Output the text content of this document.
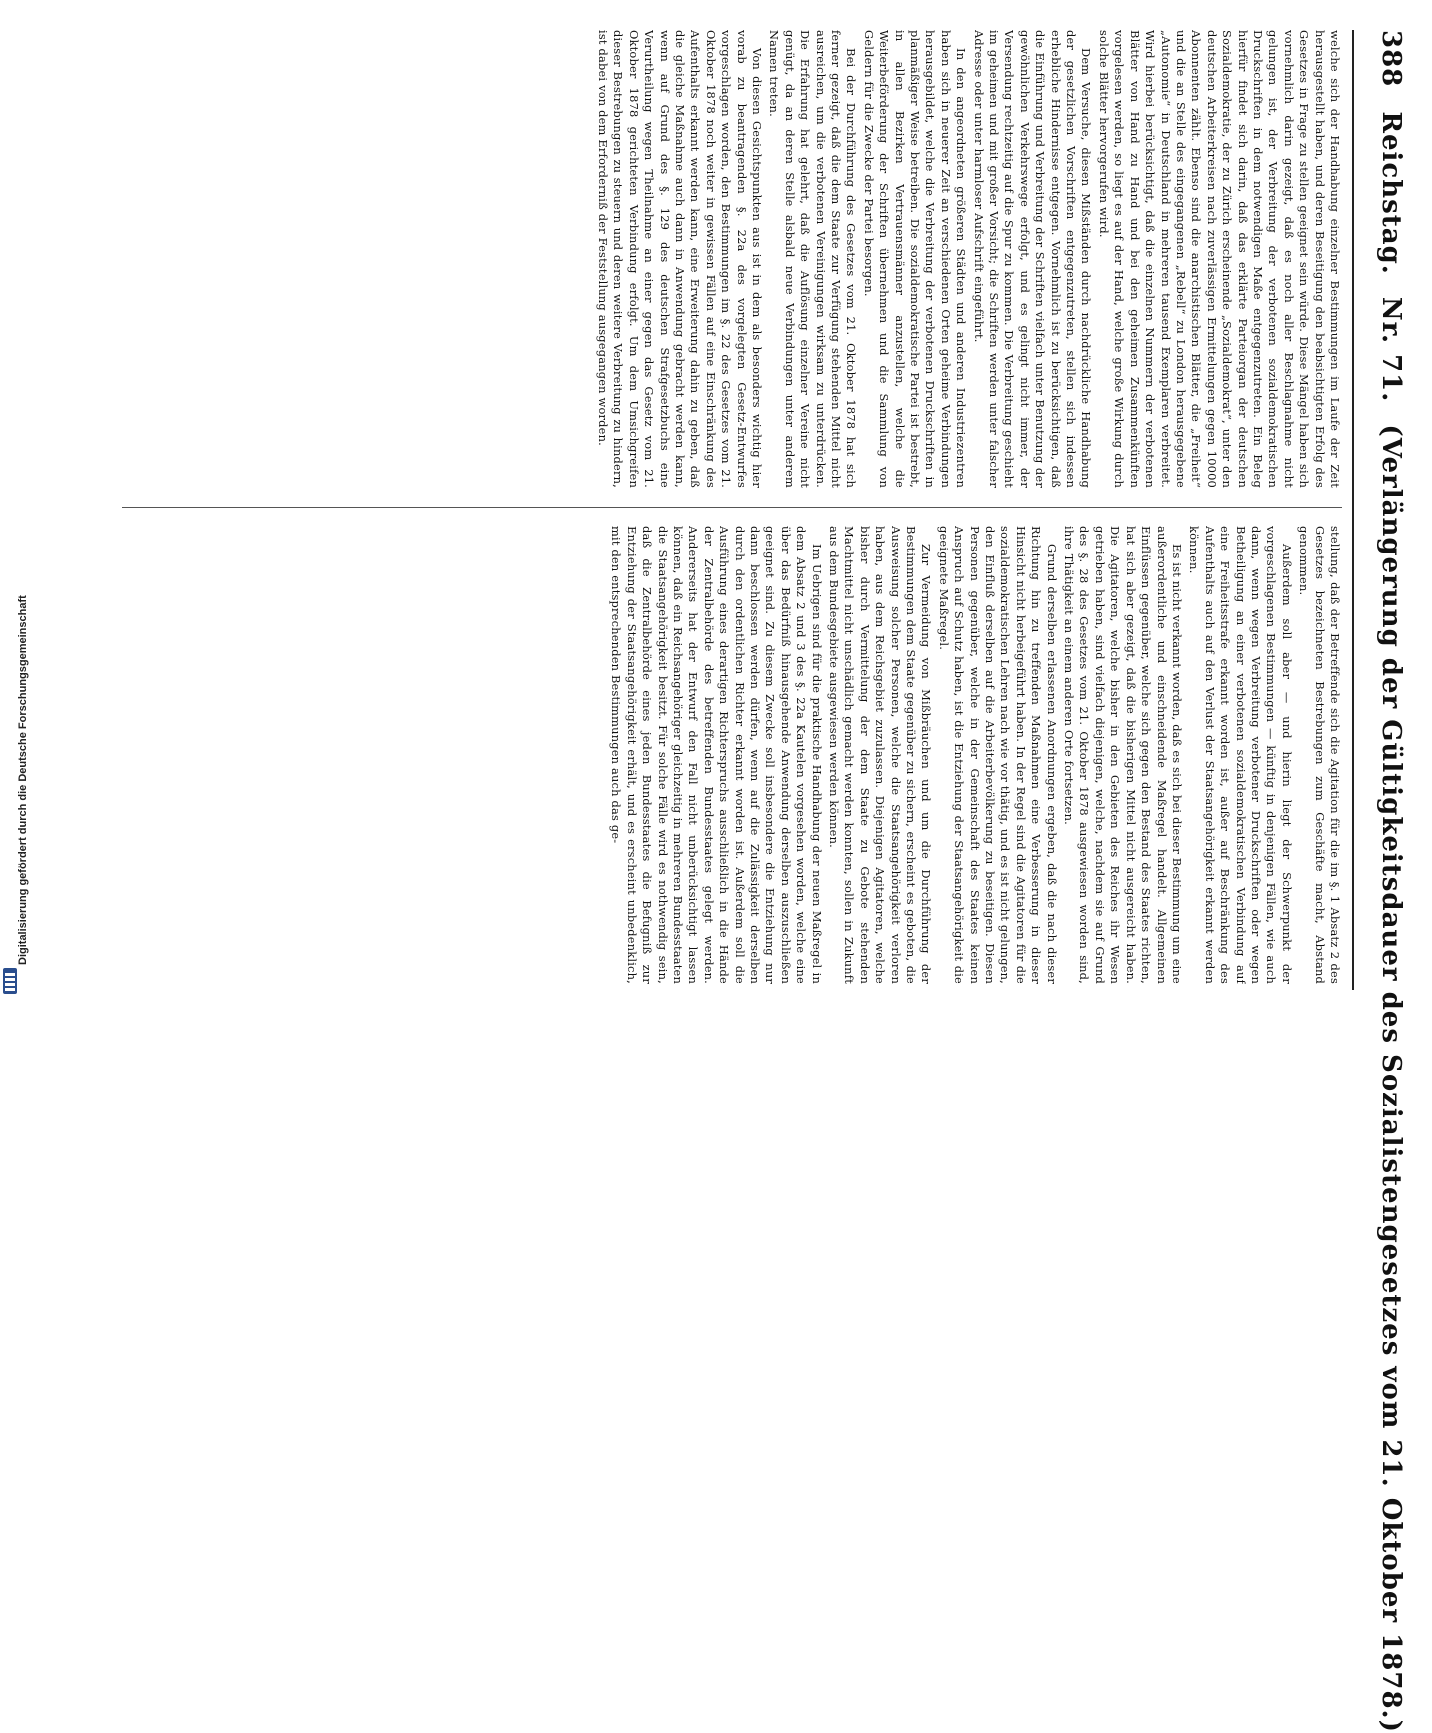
Digitalisierung gefördert durch die Deutsche Forschungsgemeinschaft
388 Reichstag. Nr. 71. (Verlängerung der Gültigkeitsdauer des Sozialistengesetzes vom 21. Oktober 1878.)

welche sich der Handhabung einzelner Bestimmungen im Laufe der Zeit herausgestellt haben, und deren Beseitigung den beabsichtigten Erfolg des Gesetzes in Frage zu stellen geeignet sein würde. Diese Mängel haben sich vornehmlich darin gezeigt, daß es noch aller Beschlagnahme nicht gelungen ist, der Verbreitung der verbotenen sozialdemokratischen Druckschriften in dem notwendigen Maße entgegenzutreten. Ein Beleg hierfür findet sich darin, daß das erklärte Parteiorgan der deutschen Sozialdemokratie, der zu Zürich erscheinende „Sozialdemokrat“, unter den deutschen Arbeiterkreisen nach zuverlässigen Ermittelungen gegen 10000 Abonnenten zählt. Ebenso sind die anarchistischen Blätter, die „Freiheit“ und die an Stelle des eingegangenen „Rebell“ zu London herausgegebene „Autonomie“ in Deutschland in mehreren tausend Exemplaren verbreitet. Wird hierbei berücksichtigt, daß die einzelnen Nummern der verbotenen Blätter von Hand zu Hand und bei den geheimen Zusammenkünften vorgelesen werden, so liegt es auf der Hand, welche große Wirkung durch solche Blätter hervorgerufen wird.

Dem Versuche, diesen Mißständen durch nachdrückliche Handhabung der gesetzlichen Vorschriften entgegenzutreten, stellen sich indessen erhebliche Hindernisse entgegen. Vornehmlich ist zu berücksichtigen, daß die Einführung und Verbreitung der Schriften vielfach unter Benutzung der gewöhnlichen Verkehrswege erfolgt, und es gelingt nicht immer, der Versendung rechtzeitig auf die Spur zu kommen. Die Verbreitung geschieht im geheimen und mit großer Vorsicht; die Schriften werden unter falscher Adresse oder unter harmloser Aufschrift eingeführt.

In den angeordneten größeren Städten und anderen Industriezentren haben sich in neuerer Zeit an verschiedenen Orten geheime Verbindungen herausgebildet, welche die Verbreitung der verbotenen Druckschriften in planmäßiger Weise betreiben. Die sozialdemokratische Partei ist bestrebt, in allen Bezirken Vertrauensmänner anzustellen, welche die Weiterbeförderung der Schriften übernehmen und die Sammlung von Geldern für die Zwecke der Partei besorgen.

Bei der Durchführung des Gesetzes vom 21. Oktober 1878 hat sich ferner gezeigt, daß die dem Staate zur Verfügung stehenden Mittel nicht ausreichen, um die verbotenen Vereinigungen wirksam zu unterdrücken. Die Erfahrung hat gelehrt, daß die Auflösung einzelner Vereine nicht genügt, da an deren Stelle alsbald neue Verbindungen unter anderem Namen treten.

Von diesen Gesichtspunkten aus ist in dem als besonders wichtig hier vorab zu beantragenden §. 22a des vorgelegten Gesetz-Entwurfes vorgeschlagen worden, den Bestimmungen im §. 22 des Gesetzes vom 21. Oktober 1878 noch weiter in gewissen Fällen auf eine Einschränkung des Aufenthalts erkannt werden kann, eine Erweiterung dahin zu geben, daß die gleiche Maßnahme auch dann in Anwendung gebracht werden kann, wenn auf Grund des §. 129 des deutschen Strafgesetzbuchs eine Verurtheilung wegen Theilnahme an einer gegen das Gesetz vom 21. Oktober 1878 gerichteten Verbindung erfolgt. Um dem Umsichgreifen dieser Bestrebungen zu steuern und deren weitere Verbreitung zu hindern, ist dabei von dem Erforderniß der Feststellung ausgegangen worden.

stellung, daß der Betreffende sich die Agitation für die im §. 1 Absatz 2 des Gesetzes bezeichneten Bestrebungen zum Geschäfte macht, Abstand genommen.

Außerdem soll aber — und hierin liegt der Schwerpunkt der vorgeschlagenen Bestimmungen — künftig in denjenigen Fällen, wie auch dann, wenn wegen Verbreitung verbotener Druckschriften oder wegen Betheiligung an einer verbotenen sozialdemokratischen Verbindung auf eine Freiheitsstrafe erkannt worden ist, außer auf Beschränkung des Aufenthalts auch auf den Verlust der Staatsangehörigkeit erkannt werden können.

Es ist nicht verkannt worden, daß es sich bei dieser Bestimmung um eine außerordentliche und einschneidende Maßregel handelt. Allgemeinen Einflüssen gegenüber, welche sich gegen den Bestand des Staates richten, hat sich aber gezeigt, daß die bisherigen Mittel nicht ausgereicht haben. Die Agitatoren, welche bisher in den Gebieten des Reiches ihr Wesen getrieben haben, sind vielfach diejenigen, welche, nachdem sie auf Grund des §. 28 des Gesetzes vom 21. Oktober 1878 ausgewiesen worden sind, ihre Thätigkeit an einem anderen Orte fortsetzen.

Grund derselben erlassenen Anordnungen ergeben, daß die nach dieser Richtung hin zu treffenden Maßnahmen eine Verbesserung in dieser Hinsicht nicht herbeigeführt haben. In der Regel sind die Agitatoren für die sozialdemokratischen Lehren nach wie vor thätig, und es ist nicht gelungen, den Einfluß derselben auf die Arbeiterbevölkerung zu beseitigen. Diesen Personen gegenüber, welche in der Gemeinschaft des Staates keinen Anspruch auf Schutz haben, ist die Entziehung der Staatsangehörigkeit die geeignete Maßregel.

Zur Vermeidung von Mißbräuchen und um die Durchführung der Bestimmungen dem Staate gegenüber zu sichern, erscheint es geboten, die Ausweisung solcher Personen, welche die Staatsangehörigkeit verloren haben, aus dem Reichsgebiet zuzulassen. Diejenigen Agitatoren, welche bisher durch Vermittelung der dem Staate zu Gebote stehenden Machtmittel nicht unschädlich gemacht werden konnten, sollen in Zukunft aus dem Bundesgebiete ausgewiesen werden können.

Im Uebrigen sind für die praktische Handhabung der neuen Maßregel in dem Absatz 2 und 3 des §. 22a Kautelen vorgesehen worden, welche eine über das Bedürfniß hinausgehende Anwendung derselben auszuschließen geeignet sind. Zu diesem Zwecke soll insbesondere die Entziehung nur dann beschlossen werden dürfen, wenn auf die Zulässigkeit derselben durch den ordentlichen Richter erkannt worden ist. Außerdem soll die Ausführung eines derartigen Richterspruchs ausschließlich in die Hände der Zentralbehörde des betreffenden Bundesstaates gelegt werden. Andererseits hat der Entwurf den Fall nicht unberücksichtigt lassen können, daß ein Reichsangehöriger gleichzeitig in mehreren Bundesstaaten die Staatsangehörigkeit besitzt. Für solche Fälle wird es nothwendig sein, daß die Zentralbehörde eines jeden Bundesstaates die Befugniß zur Entziehung der Staatsangehörigkeit erhält, und es erscheint unbedenklich, mit den entsprechenden Bestimmungen auch das ge-
